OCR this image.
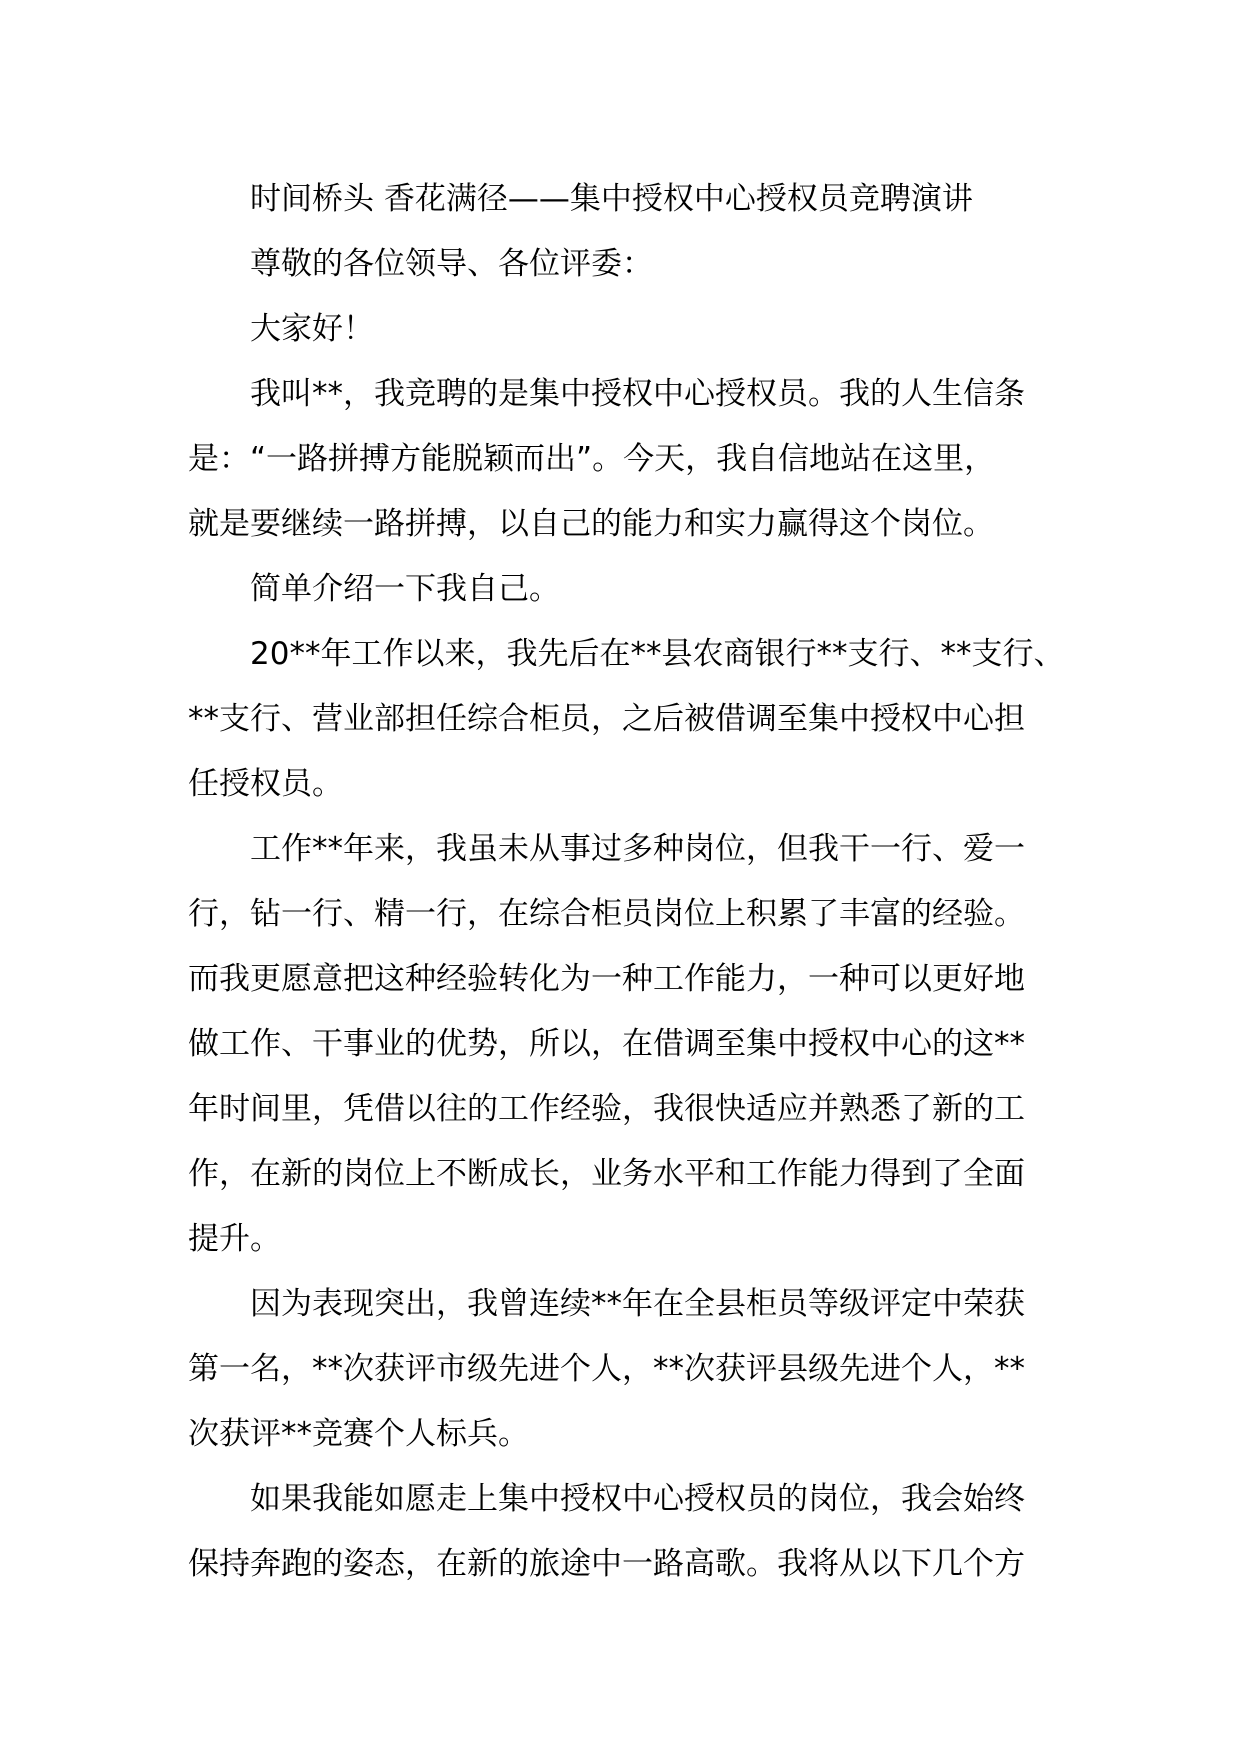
时间桥头 香花满径——集中授权中心授权员竞聘演讲
尊敬的各位领导、各位评委：
大家好！
我叫**，我竞聘的是集中授权中心授权员。我的人生信条
是：“一路拼搏方能脱颖而出”。今天，我自信地站在这里，
就是要继续一路拼搏，以自己的能力和实力赢得这个岗位。
简单介绍一下我自己。
20**年工作以来，我先后在**县农商银行**支行、**支行、
**支行、营业部担任综合柜员，之后被借调至集中授权中心担
任授权员。
工作**年来，我虽未从事过多种岗位，但我干一行、爱一
行，钻一行、精一行，在综合柜员岗位上积累了丰富的经验。
而我更愿意把这种经验转化为一种工作能力，一种可以更好地
做工作、干事业的优势，所以，在借调至集中授权中心的这**
年时间里，凭借以往的工作经验，我很快适应并熟悉了新的工
作，在新的岗位上不断成长，业务水平和工作能力得到了全面
提升。
因为表现突出，我曾连续**年在全县柜员等级评定中荣获
第一名，**次获评市级先进个人，**次获评县级先进个人，**
次获评**竞赛个人标兵。
如果我能如愿走上集中授权中心授权员的岗位，我会始终
保持奔跑的姿态，在新的旅途中一路高歌。我将从以下几个方
